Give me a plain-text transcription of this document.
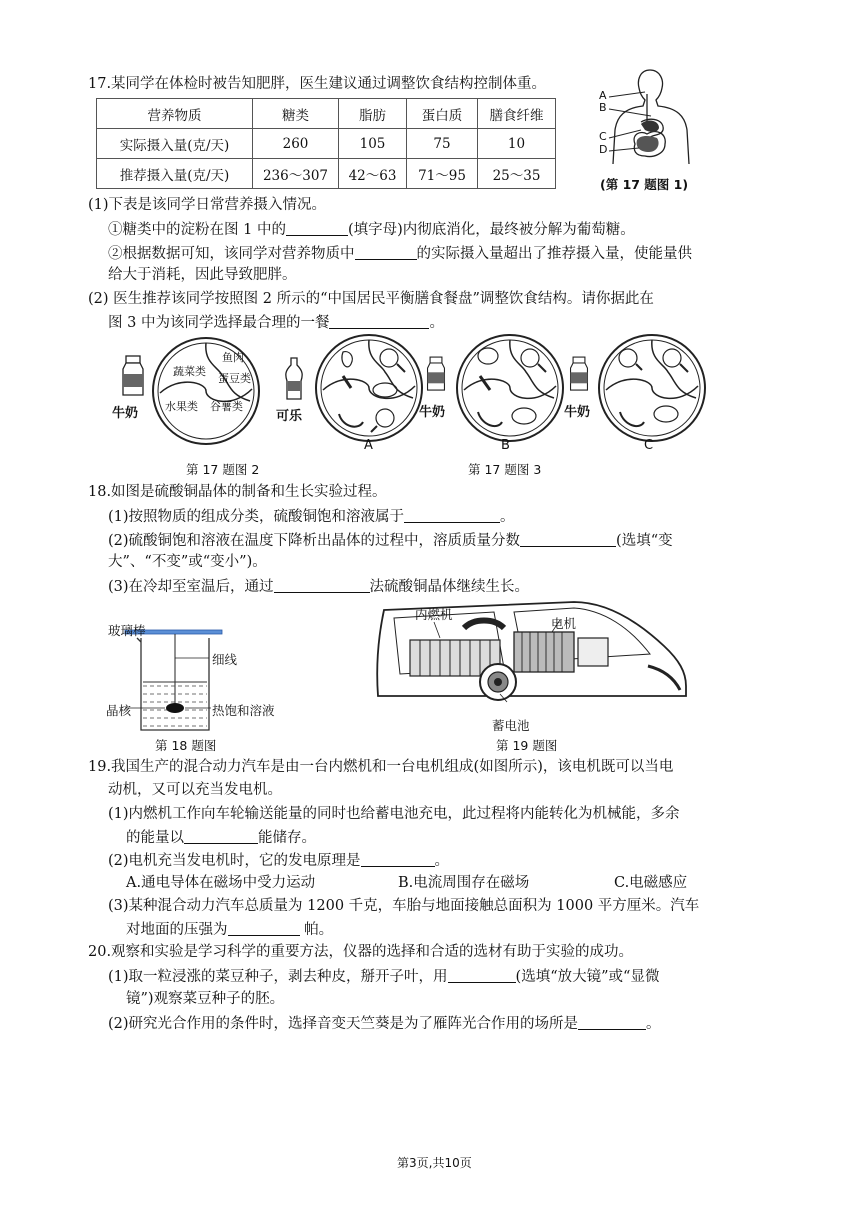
17.某同学在体检时被告知肥胖，医生建议通过调整饮食结构控制体重。
营养物质	糖类	脂肪	蛋白质	膳食纤维
实际摄入量(克/天)	260	105	75	10
推荐摄入量(克/天)	236～307	42～63	71～95	25～35
A
B
C
D
(第 17 题图 1)
(1)下表是该同学日常营养摄入情况。
①糖类中的淀粉在图 1 中的	(填字母)内彻底消化，最终被分解为葡萄糖。
②根据数据可知，该同学对营养物质中	的实际摄入量超出了推荐摄入量，使能量供
给大于消耗，因此导致肥胖。
(2) 医生推荐该同学按照图 2 所示的“中国居民平衡膳食餐盘”调整饮食结构。请你据此在
图 3 中为该同学选择最合理的一餐	。
牛奶
蔬菜类
鱼肉
蛋豆类
水果类 谷薯类
可乐
A
牛奶
B
牛奶
C
第 17 题图 2	第 17 题图 3
18.如图是硫酸铜晶体的制备和生长实验过程。
(1)按照物质的组成分类，硫酸铜饱和溶液属于	。
(2)硫酸铜饱和溶液在温度下降析出晶体的过程中，溶质质量分数	(选填“变
大”、“不变”或“变小”)。
(3)在冷却至室温后，通过	法硫酸铜晶体继续生长。
玻璃棒
细线
晶核	热饱和溶液
第 18 题图
内燃机
电机
蓄电池
第 19 题图
19.我国生产的混合动力汽车是由一台内燃机和一台电机组成(如图所示)，该电机既可以当电
动机，又可以充当发电机。
(1)内燃机工作向车轮输送能量的同时也给蓄电池充电，此过程将内能转化为机械能，多余
的能量以	能储存。
(2)电机充当发电机时，它的发电原理是	。
A.通电导体在磁场中受力运动	B.电流周围存在磁场	C.电磁感应
(3)某种混合动力汽车总质量为 1200 千克，车胎与地面接触总面积为 1000 平方厘米。汽车
对地面的压强为	帕。
20.观察和实验是学习科学的重要方法，仪器的选择和合适的选材有助于实验的成功。
(1)取一粒浸涨的菜豆种子，剥去种皮，掰开子叶，用	(选填“放大镜”或“显微
镜”)观察菜豆种子的胚。
(2)研究光合作用的条件时，选择音变天竺葵是为了雁阵光合作用的场所是	。
第3页,共10页
